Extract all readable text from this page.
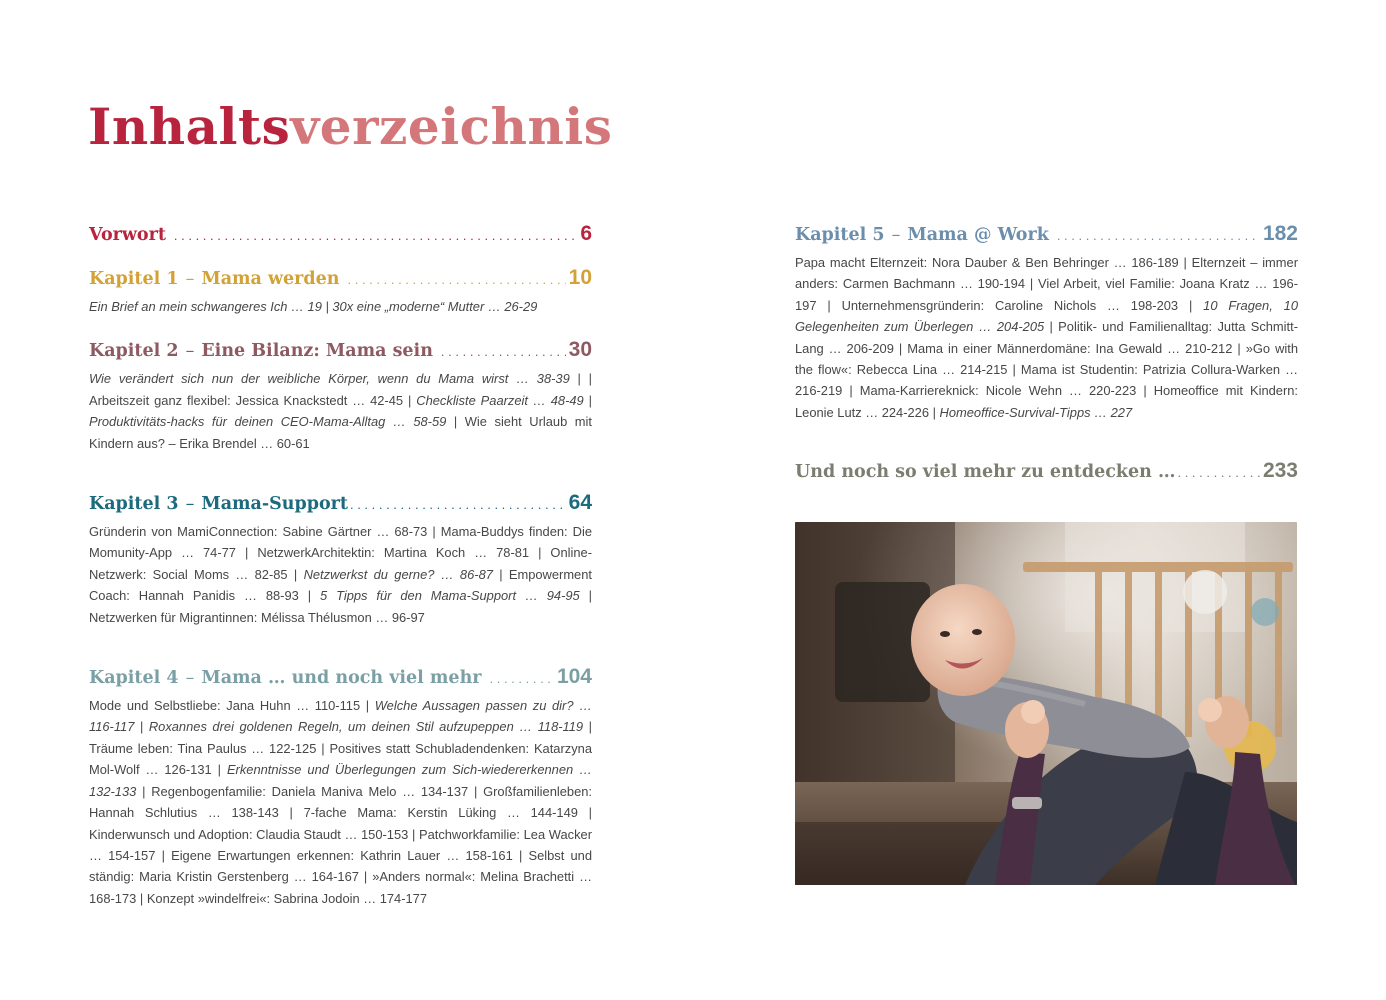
Inhaltsverzeichnis
Vorwort . . .	6
Kapitel 1 – Mama werden . . .	10

Ein Brief an mein schwangeres Ich … 19 | 30x eine „moderne“ Mutter … 26-29

Kapitel 2 – Eine Bilanz: Mama sein . . .	30

Wie verändert sich nun der weibliche Körper, wenn du Mama wirst … 38-39 | | Arbeitszeit ganz flexibel: Jessica Knackstedt … 42-45 | Checkliste Paarzeit … 48-49 | Produktivitäts-hacks für deinen CEO-Mama-Alltag … 58-59 | Wie sieht Urlaub mit Kindern aus? – Erika Brendel … 60-61

Kapitel 3 – Mama-Support . . .	64

Gründerin von MamiConnection: Sabine Gärtner … 68-73 | Mama-Buddys finden: Die Momunity-App … 74-77 | NetzwerkArchitektin: Martina Koch … 78-81 | Online-Netzwerk: Social Moms … 82-85 | Netzwerkst du gerne? … 86-87 | Empowerment Coach: Hannah Panidis … 88-93 | 5 Tipps für den Mama-Support … 94-95 | Netzwerken für Migrantinnen: Mélissa Thélusmon … 96-97

Kapitel 4 – Mama … und noch viel mehr . . .	104

Mode und Selbstliebe: Jana Huhn … 110-115 | Welche Aussagen passen zu dir? … 116-117 | Roxannes drei goldenen Regeln, um deinen Stil aufzupeppen … 118-119 | Träume leben: Tina Paulus … 122-125 | Positives statt Schubladendenken: Katarzyna Mol-Wolf … 126-131 | Erkenntnisse und Überlegungen zum Sich-wiedererkennen … 132-133 | Regenbogenfamilie: Daniela Maniva Melo … 134-137 | Großfamilienleben: Hannah Schlutius … 138-143 | 7-fache Mama: Kerstin Lüking … 144-149 | Kinderwunsch und Adoption: Claudia Staudt … 150-153 | Patchworkfamilie: Lea Wacker … 154-157 | Eigene Erwartungen erkennen: Kathrin Lauer … 158-161 | Selbst und ständig: Maria Kristin Gerstenberg … 164-167 | »Anders normal«: Melina Brachetti … 168-173 | Konzept »windelfrei«: Sabrina Jodoin … 174-177

Kapitel 5 – Mama @ Work . . .	182

Papa macht Elternzeit: Nora Dauber & Ben Behringer … 186-189 | Elternzeit – immer anders: Carmen Bachmann … 190-194 | Viel Arbeit, viel Familie: Joana Kratz … 196-197 | Unternehmensgründerin: Caroline Nichols … 198-203 | 10 Fragen, 10 Gelegenheiten zum Überlegen … 204-205 | Politik- und Familienalltag: Jutta Schmitt-Lang … 206-209 | Mama in einer Männerdomäne: Ina Gewald … 210-212 | »Go with the flow«: Rebecca Lina … 214-215 | Mama ist Studentin: Patrizia Collura-Warken … 216-219 | Mama-Karriereknick: Nicole Wehn … 220-223 | Homeoffice mit Kindern: Leonie Lutz … 224-226 | Homeoffice-Survival-Tipps … 227

Und noch so viel mehr zu entdecken … . . .	233
